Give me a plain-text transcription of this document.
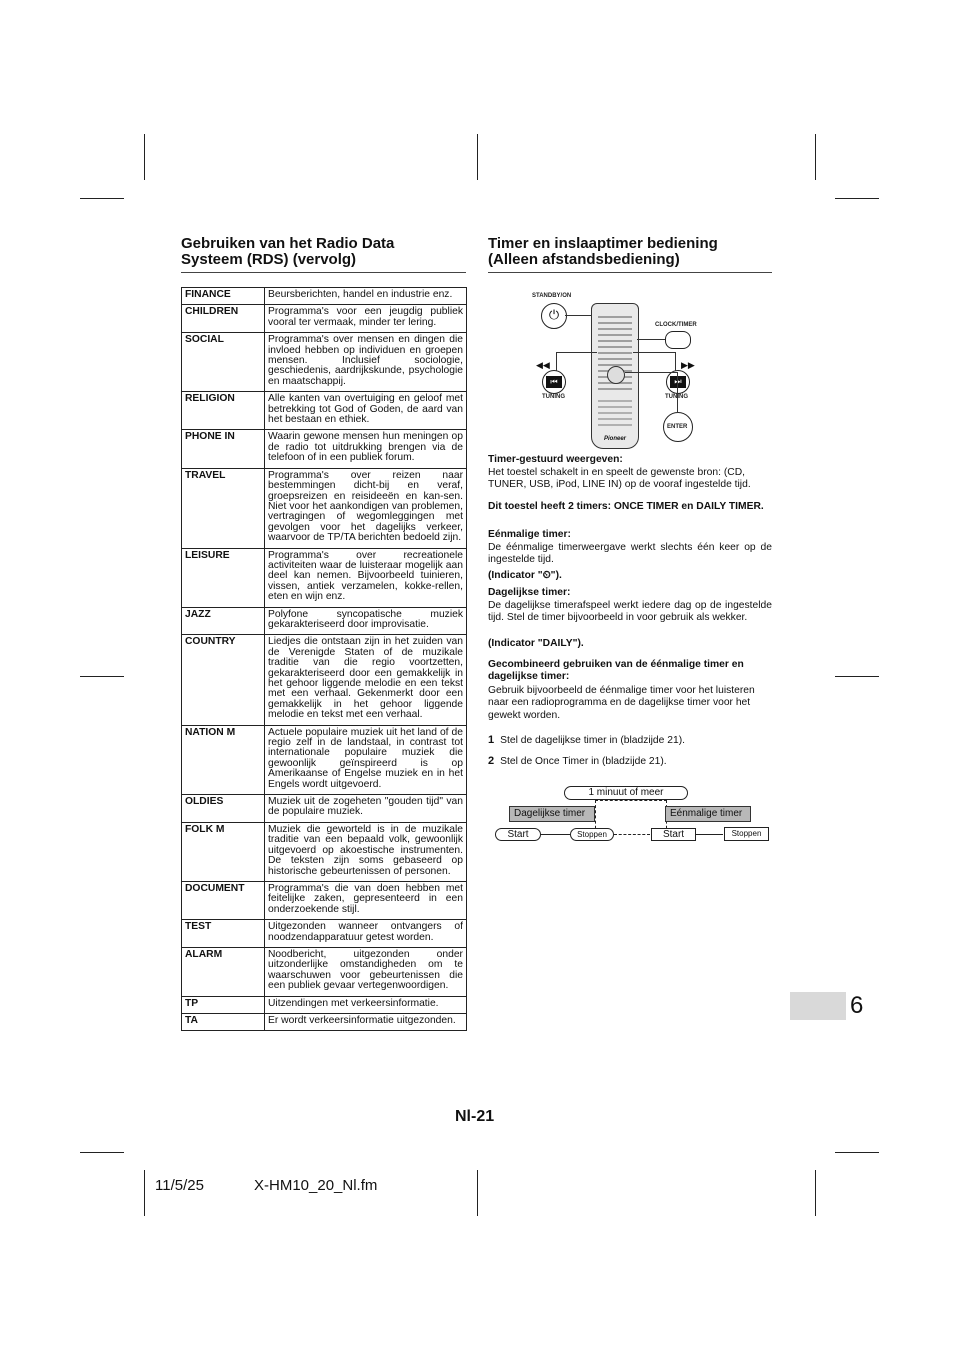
Gebruiken van het Radio Data
Systeem (RDS) (vervolg)
Timer en inslaaptimer bediening
(Alleen afstandsbediening)
FINANCE	Beursberichten, handel en industrie enz.
CHILDREN	Programma's voor een jeugdig publiek vooral ter vermaak, minder ter lering.
SOCIAL	Programma's over mensen en dingen die invloed hebben op individuen en groepen mensen. Inclusief sociologie, geschiedenis, aardrijkskunde, psychologie en maatschappij.
RELIGION	Alle kanten van overtuiging en geloof met betrekking tot God of Goden, de aard van het bestaan en ethiek.
PHONE IN	Waarin gewone mensen hun meningen op de radio tot uitdrukking brengen via de telefoon of in een publiek forum.
TRAVEL	Programma's over reizen naar bestemmingen dicht-bij en veraf, groepsreizen en reisideeën en kan-sen. Niet voor het aankondigen van problemen, vertragingen of wegomleggingen met gevolgen voor het dagelijks verkeer, waarvoor de TP/TA berichten bedoeld zijn.
LEISURE	Programma's over recreationele activiteiten waar de luisteraar mogelijk aan deel kan nemen. Bijvoorbeeld tuinieren, vissen, antiek verzamelen, kokke-rellen, eten en wijn enz.
JAZZ	Polyfone syncopatische muziek gekarakteriseerd door improvisatie.
COUNTRY	Liedjes die ontstaan zijn in het zuiden van de Verenigde Staten of de muzikale traditie van die regio voortzetten, gekarakteriseerd door een gemakkelijk in het gehoor liggende melodie en een tekst met een verhaal. Gekenmerkt door een gemakkelijk in het gehoor liggende melodie en tekst met een verhaal.
NATION M	Actuele populaire muziek uit het land of de regio zelf in de landstaal, in contrast tot internationale populaire muziek die gewoonlijk geïnspireerd is op Amerikaanse of Engelse muziek en in het Engels wordt uitgevoerd.
OLDIES	Muziek uit de zogeheten "gouden tijd" van de populaire muziek.
FOLK M	Muziek die geworteld is in de muzikale traditie van een bepaald volk, gewoonlijk uitgevoerd op akoestische instrumenten. De teksten zijn soms gebaseerd op historische gebeurtenissen of personen.
DOCUMENT	Programma's die van doen hebben met feitelijke zaken, gepresenteerd in een onderzoekende stijl.
TEST	Uitgezonden wanneer ontvangers of noodzendapparatuur getest worden.
ALARM	Noodbericht, uitgezonden onder uitzonderlijke omstandigheden om te waarschuwen voor gebeurtenissen die een publiek gevaar vertegenwoordigen.
TP	Uitzendingen met verkeersinformatie.
TA	Er wordt verkeersinformatie uitgezonden.
Pioneer
STANDBY/ON
⏻
CLOCK/TIMER
◀◀
⏮
TUNING
▶▶
⏭
TUNING
ENTER
Timer-gestuurd weergeven:
Het toestel schakelt in en speelt de gewenste bron: (CD, TUNER, USB, iPod, LINE IN) op de vooraf ingestelde tijd.
Dit toestel heeft 2 timers: ONCE TIMER en DAILY TIMER.
Eénmalige timer:
De éénmalige timerweergave werkt slechts één keer op de ingestelde tijd.
(Indicator "⏲").
Dagelijkse timer:
De dagelijkse timerafspeel werkt iedere dag op de ingestelde tijd. Stel de timer bijvoorbeeld in voor gebruik als wekker.
(Indicator "DAILY").
Gecombineerd gebruiken van de éénmalige timer en dagelijkse timer:
Gebruik bijvoorbeeld de éénmalige timer voor het luisteren naar een radioprogramma en de dagelijkse timer voor het gewekt worden.
1 Stel de dagelijkse timer in (bladzijde 21).
2 Stel de Once Timer in (bladzijde 21).
1 minuut of meer
Dagelijkse timer	Eénmalige timer
Start	Stoppen	Start	Stoppen
6
Nl-21
11/5/25	X-HM10_20_Nl.fm
